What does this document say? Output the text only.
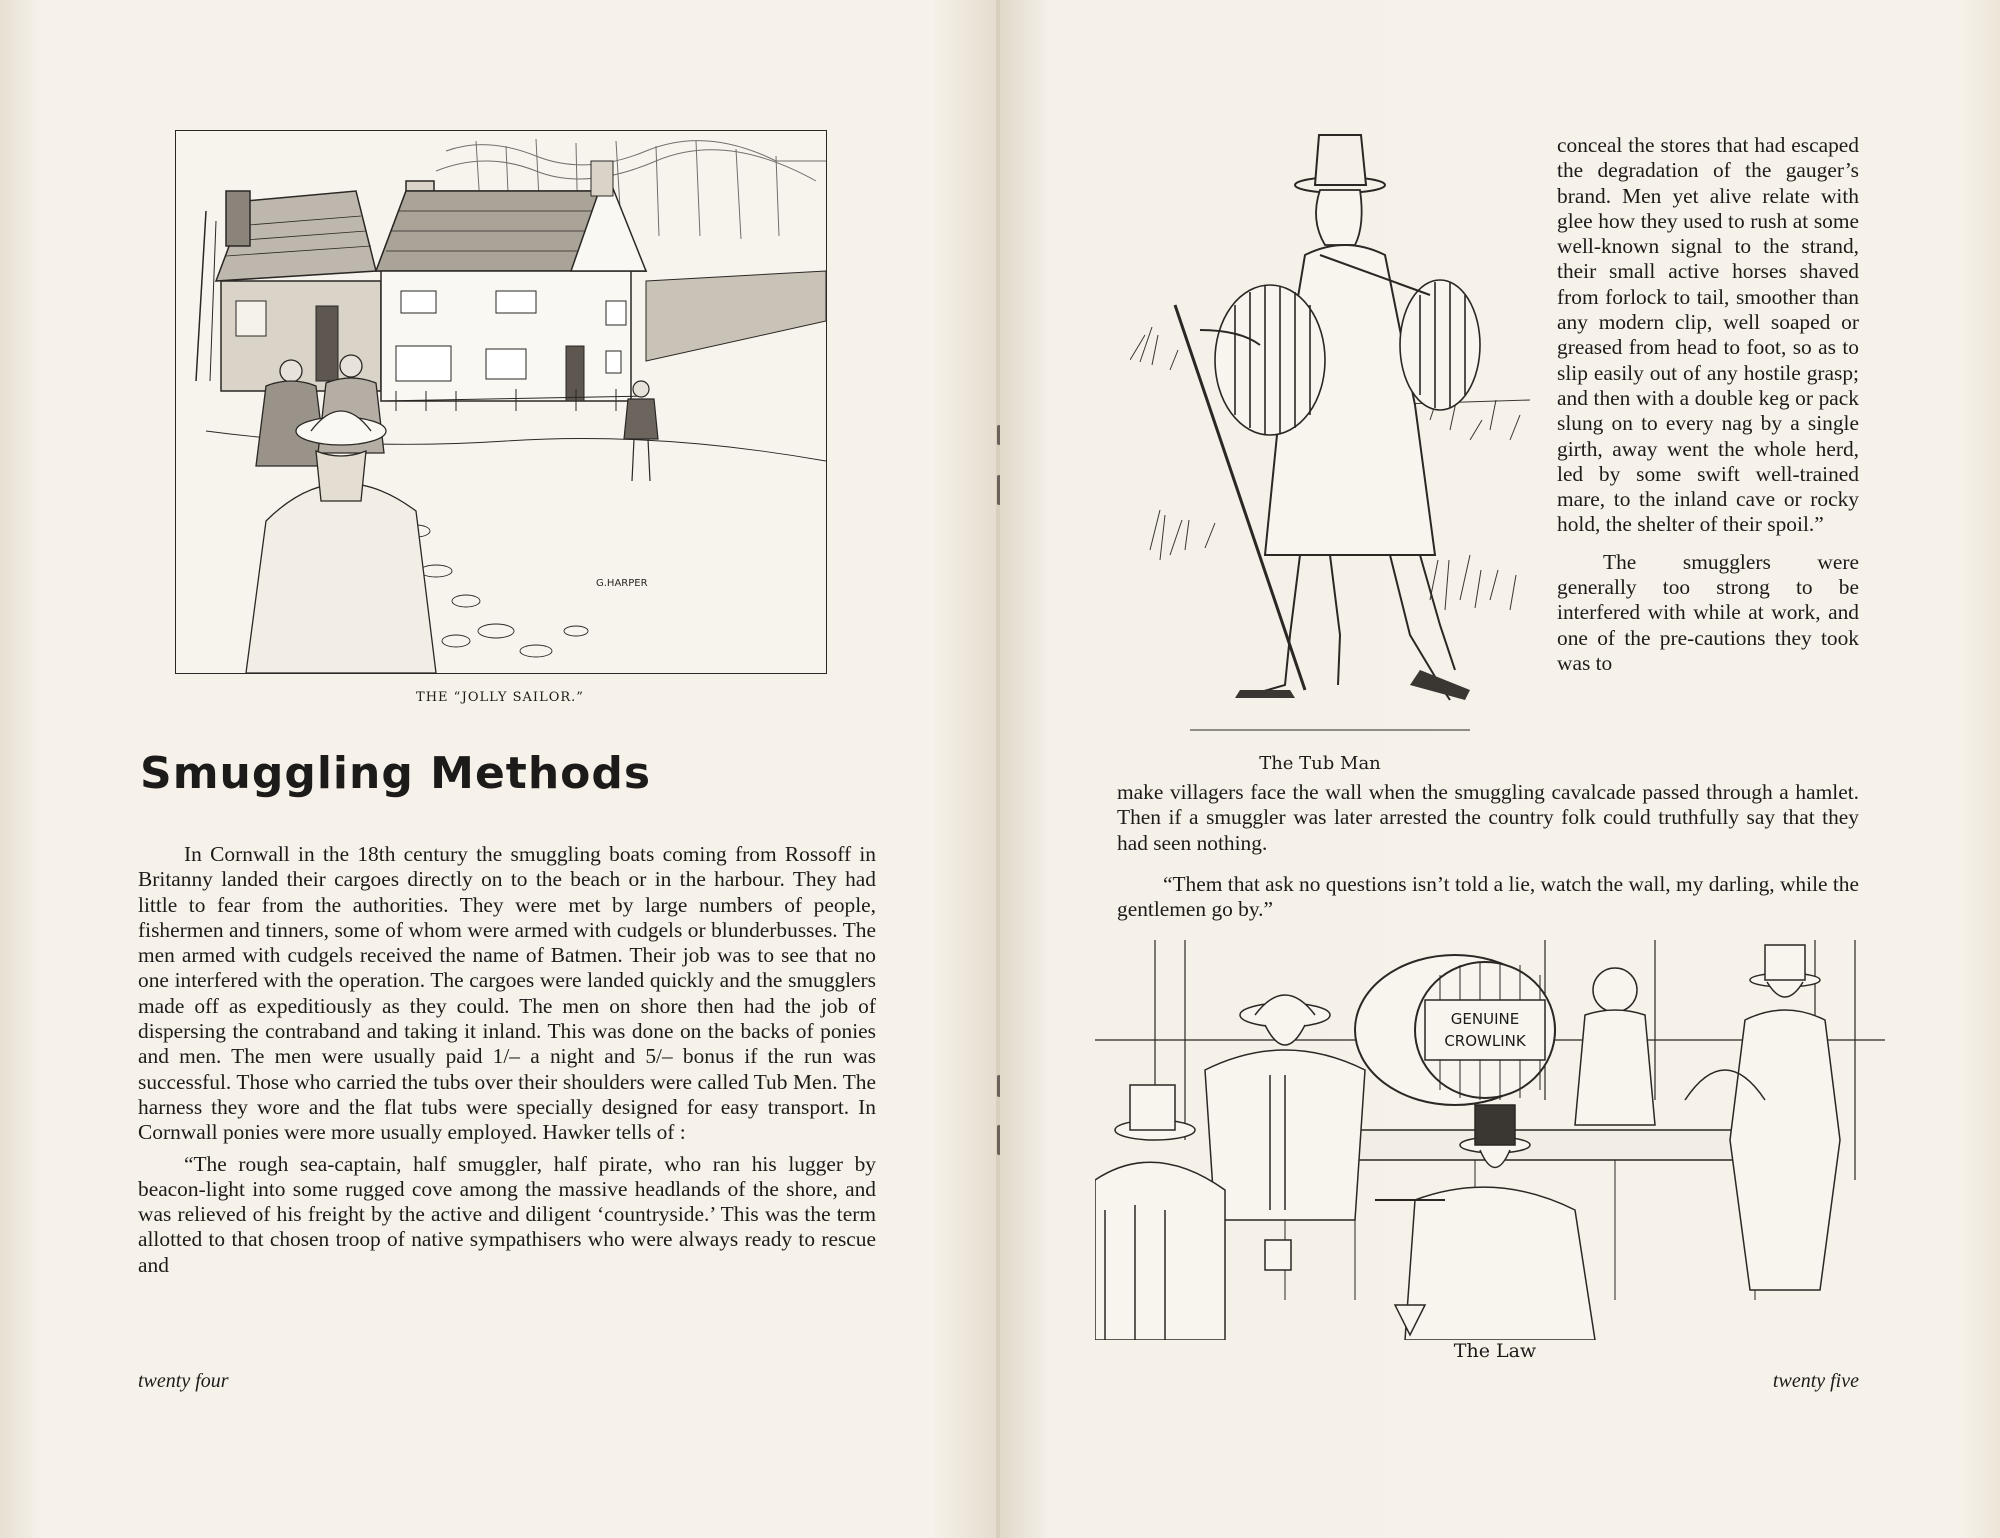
G.HARPER
THE “JOLLY SAILOR.”
Smuggling Methods

In Cornwall in the 18th century the smuggling boats coming from Rossoff in Britanny landed their cargoes directly on to the beach or in the harbour. They had little to fear from the authorities. They were met by large numbers of people, fishermen and tinners, some of whom were armed with cudgels or blunderbusses. The men armed with cudgels received the name of Batmen. Their job was to see that no one interfered with the operation. The cargoes were landed quickly and the smugglers made off as expeditiously as they could. The men on shore then had the job of dispersing the contraband and taking it inland. This was done on the backs of ponies and men. The men were usually paid 1/– a night and 5/– bonus if the run was successful. Those who carried the tubs over their shoulders were called Tub Men. The harness they wore and the flat tubs were specially designed for easy transport. In Cornwall ponies were more usually employed. Hawker tells of :

“The rough sea-captain, half smuggler, half pirate, who ran his lugger by beacon-light into some rugged cove among the massive headlands of the shore, and was relieved of his freight by the active and diligent ‘countryside.’ This was the term allotted to that chosen troop of native sympathisers who were always ready to rescue and

twenty four
The Tub Man

conceal the stores that had escaped the degradation of the gauger’s brand. Men yet alive relate with glee how they used to rush at some well-known signal to the strand, their small active horses shaved from forlock to tail, smoother than any modern clip, well soaped or greased from head to foot, so as to slip easily out of any hostile grasp; and then with a double keg or pack slung on to every nag by a single girth, away went the whole herd, led by some swift well-trained mare, to the inland cave or rocky hold, the shelter of their spoil.”

The smugglers were generally too strong to be interfered with while at work, and one of the pre-cautions they took was to

make villagers face the wall when the smuggling cavalcade passed through a hamlet. Then if a smuggler was later arrested the country folk could truthfully say that they had seen nothing.

“Them that ask no questions isn’t told a lie, watch the wall, my darling, while the gentlemen go by.”

GENUINE
CROWLINK
The Law
twenty five
